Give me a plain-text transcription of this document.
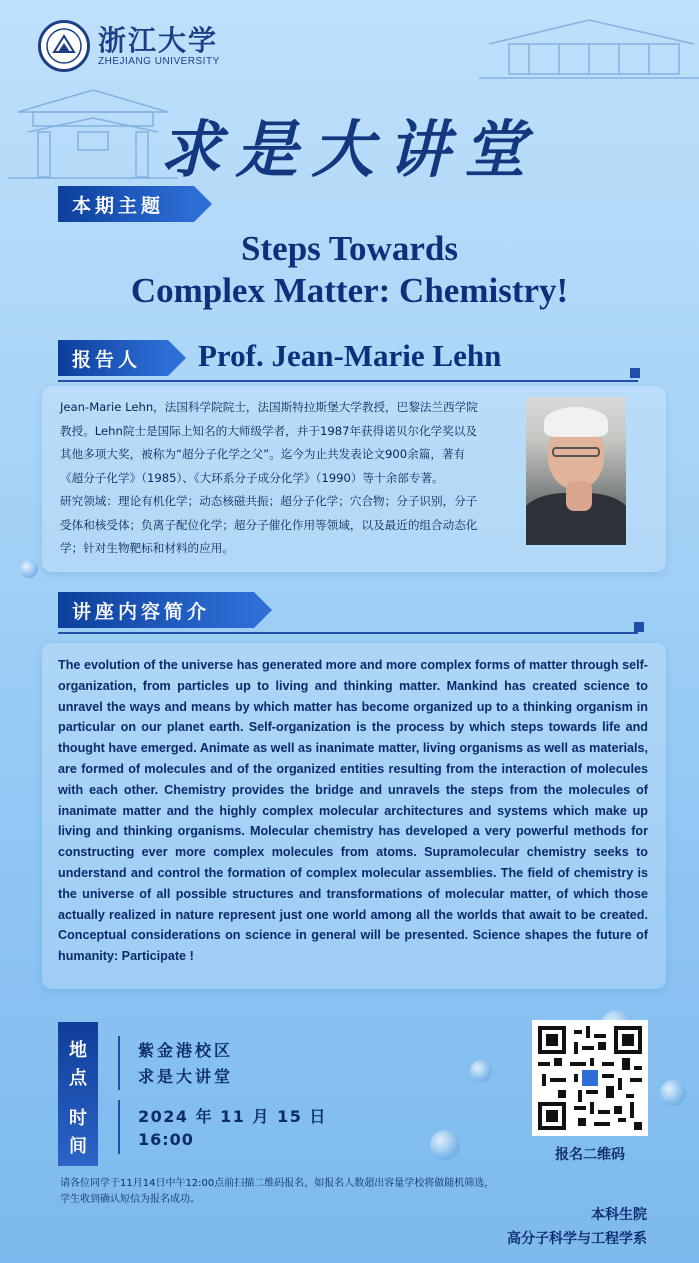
浙江大学
ZHEJIANG UNIVERSITY
求是大讲堂
本期主题
Steps Towards
Complex Matter: Chemistry!
报告人 Prof. Jean-Marie Lehn
Jean-Marie Lehn，法国科学院院士，法国斯特拉斯堡大学教授，巴黎法兰西学院
教授。Lehn院士是国际上知名的大师级学者，并于1987年获得诺贝尔化学奖以及
其他多项大奖，被称为“超分子化学之父”。迄今为止共发表论文900余篇，著有
《超分子化学》（1985）、《大环系分子成分化学》（1990）等十余部专著。
研究领域：理论有机化学；动态核磁共振；超分子化学；穴合物；分子识别，分子
受体和核受体；负离子配位化学；超分子催化作用等领域，以及最近的组合动态化
学；针对生物靶标和材料的应用。
讲座内容简介
The evolution of the universe has generated more and more complex forms of matter through self-organization, from particles up to living and thinking matter. Mankind has created science to unravel the ways and means by which matter has become organized up to a thinking organism in particular on our planet earth. Self-organization is the process by which steps towards life and thought have emerged. Animate as well as inanimate matter, living organisms as well as materials, are formed of molecules and of the organized entities resulting from the interaction of molecules with each other. Chemistry provides the bridge and unravels the steps from the molecules of inanimate matter and the highly complex molecular architectures and systems which make up living and thinking organisms. Molecular chemistry has developed a very powerful methods for constructing ever more complex molecules from atoms. Supramolecular chemistry seeks to understand and control the formation of complex molecular assemblies. The field of chemistry is the universe of all possible structures and transformations of molecular matter, of which those actually realized in nature represent just one world among all the worlds that await to be created. Conceptual considerations on science in general will be presented. Science shapes the future of humanity: Participate !
地
点
时
间
紫金港校区
求是大讲堂
2024 年 11 月 15 日
16:00
报名二维码
请各位同学于11月14日中午12:00点前扫描二维码报名，如报名人数超出容量学校将做随机筛选，
学生收到确认短信为报名成功。
本科生院
高分子科学与工程学系
